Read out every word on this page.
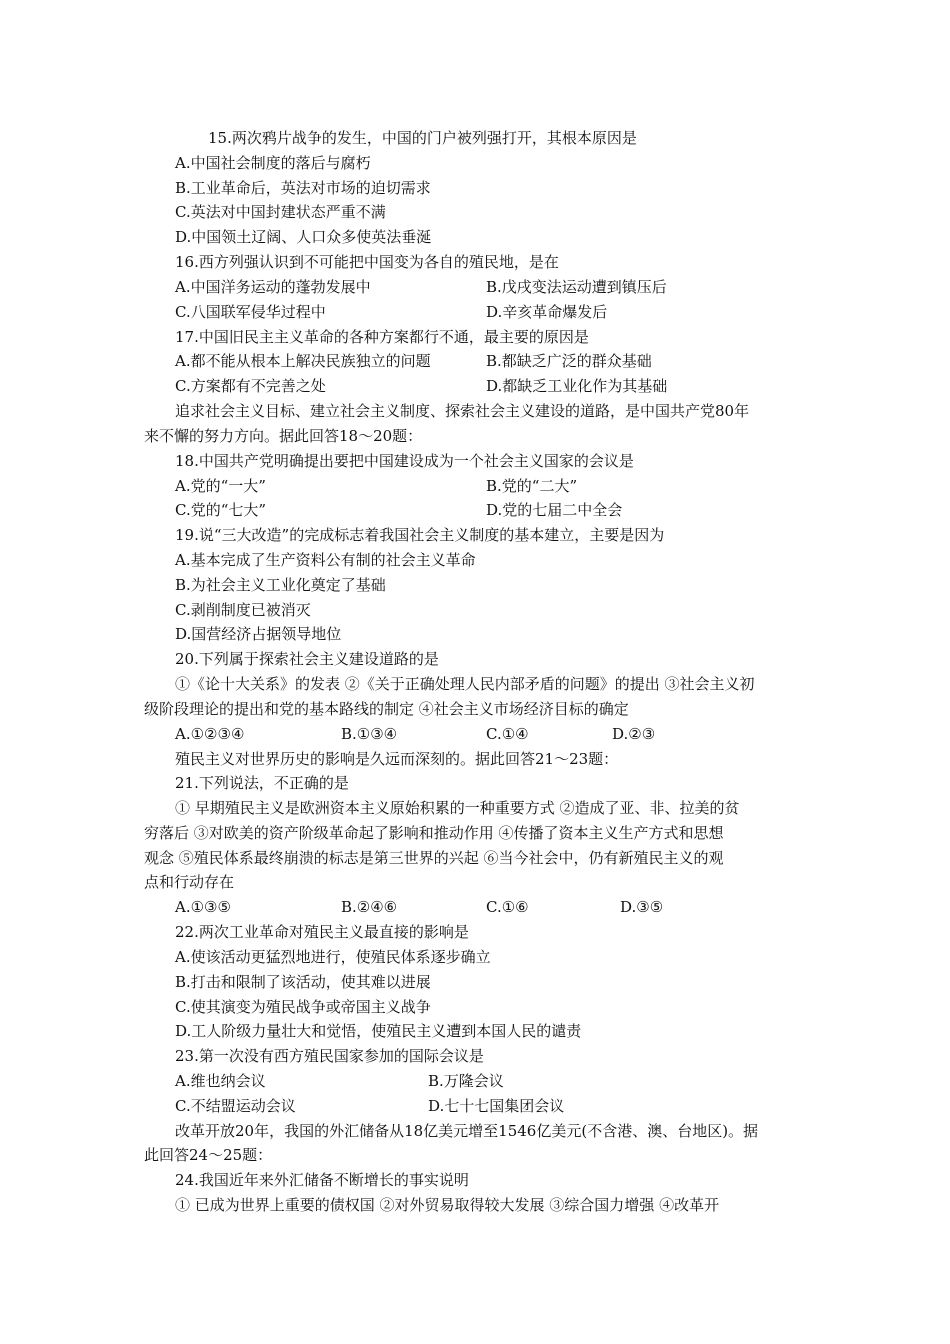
15.两次鸦片战争的发生，中国的门户被列强打开，其根本原因是
A.中国社会制度的落后与腐朽
B.工业革命后，英法对市场的迫切需求
C.英法对中国封建状态严重不满
D.中国领土辽阔、人口众多使英法垂涎
16.西方列强认识到不可能把中国变为各自的殖民地，是在
A.中国洋务运动的蓬勃发展中	B.戊戌变法运动遭到镇压后
C.八国联军侵华过程中	D.辛亥革命爆发后
17.中国旧民主主义革命的各种方案都行不通，最主要的原因是
A.都不能从根本上解决民族独立的问题	B.都缺乏广泛的群众基础
C.方案都有不完善之处	D.都缺乏工业化作为其基础
追求社会主义目标、建立社会主义制度、探索社会主义建设的道路，是中国共产党80年
来不懈的努力方向。据此回答18～20题：
18.中国共产党明确提出要把中国建设成为一个社会主义国家的会议是
A.党的“一大”	B.党的“二大”
C.党的“七大”	D.党的七届二中全会
19.说“三大改造”的完成标志着我国社会主义制度的基本建立，主要是因为
A.基本完成了生产资料公有制的社会主义革命
B.为社会主义工业化奠定了基础
C.剥削制度已被消灭
D.国营经济占据领导地位
20.下列属于探索社会主义建设道路的是
①《论十大关系》的发表 ②《关于正确处理人民内部矛盾的问题》的提出 ③社会主义初
级阶段理论的提出和党的基本路线的制定 ④社会主义市场经济目标的确定
A.①②③④	B.①③④	C.①④	D.②③
殖民主义对世界历史的影响是久远而深刻的。据此回答21～23题：
21.下列说法，不正确的是
① 早期殖民主义是欧洲资本主义原始积累的一种重要方式 ②造成了亚、非、拉美的贫
穷落后 ③对欧美的资产阶级革命起了影响和推动作用 ④传播了资本主义生产方式和思想
观念 ⑤殖民体系最终崩溃的标志是第三世界的兴起 ⑥当今社会中，仍有新殖民主义的观
点和行动存在
A.①③⑤	B.②④⑥	C.①⑥	D.③⑤
22.两次工业革命对殖民主义最直接的影响是
A.使该活动更猛烈地进行，使殖民体系逐步确立
B.打击和限制了该活动，使其难以进展
C.使其演变为殖民战争或帝国主义战争
D.工人阶级力量壮大和觉悟，使殖民主义遭到本国人民的谴责
23.第一次没有西方殖民国家参加的国际会议是
A.维也纳会议	B.万隆会议
C.不结盟运动会议	D.七十七国集团会议
改革开放20年，我国的外汇储备从18亿美元增至1546亿美元(不含港、澳、台地区)。据
此回答24～25题：
24.我国近年来外汇储备不断增长的事实说明
① 已成为世界上重要的债权国 ②对外贸易取得较大发展 ③综合国力增强 ④改革开
